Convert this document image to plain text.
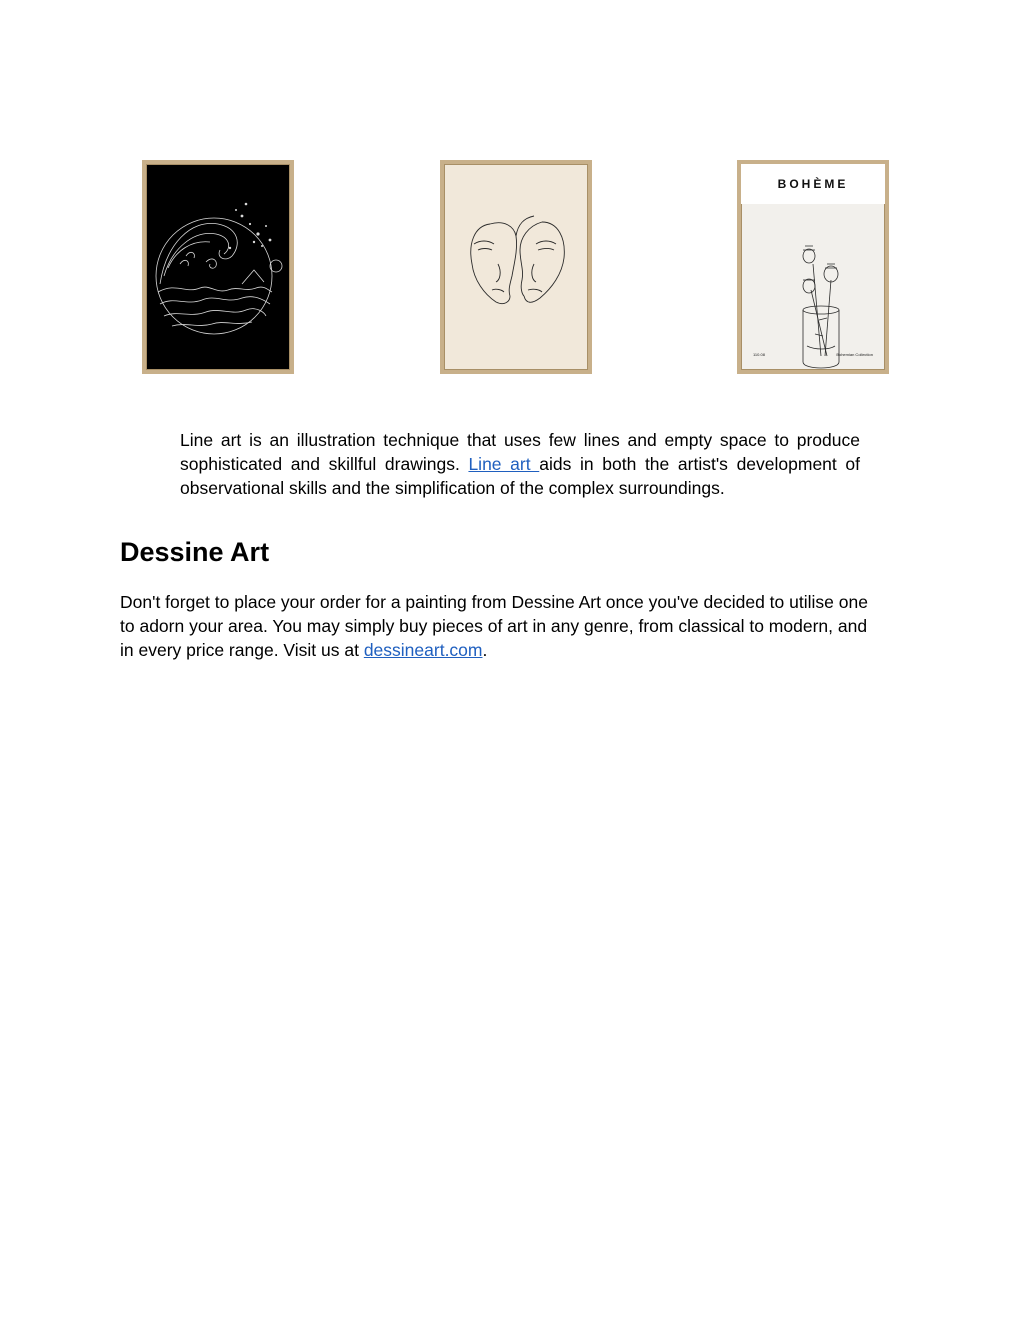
BOHÈME
110.08	Bohemian Collection

Line art is an illustration technique that uses few lines and empty space to produce sophisticated and skillful drawings. Line art aids in both the artist's development of observational skills and the simplification of the complex surroundings.

Dessine Art

Don't forget to place your order for a painting from Dessine Art once you've decided to utilise one to adorn your area. You may simply buy pieces of art in any genre, from classical to modern, and in every price range. Visit us at dessineart.com.
